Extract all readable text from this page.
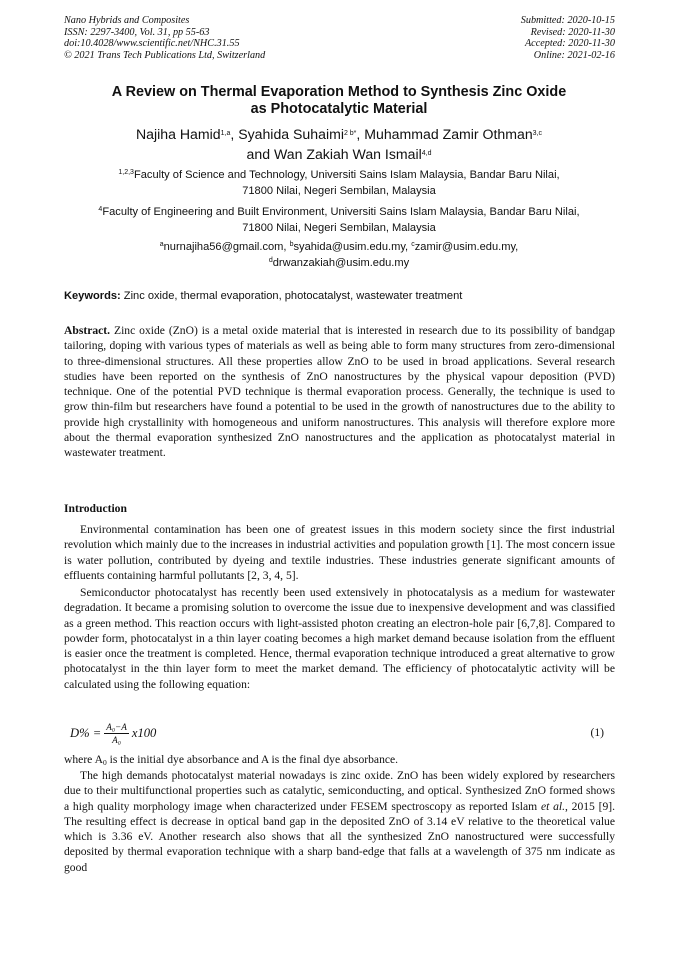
Nano Hybrids and Composites
ISSN: 2297-3400, Vol. 31, pp 55-63
doi:10.4028/www.scientific.net/NHC.31.55
© 2021 Trans Tech Publications Ltd, Switzerland
Submitted: 2020-10-15
Revised: 2020-11-30
Accepted: 2020-11-30
Online: 2021-02-16
A Review on Thermal Evaporation Method to Synthesis Zinc Oxide
as Photocatalytic Material
Najiha Hamid$^{1,a}$, Syahida Suhaimi$^{2 b*}$, Muhammad Zamir Othman$^{3,c}$
and Wan Zakiah Wan Ismail$^{4,d}$
$^{1,2,3}$Faculty of Science and Technology, Universiti Sains Islam Malaysia, Bandar Baru Nilai,
71800 Nilai, Negeri Sembilan, Malaysia
$^4$Faculty of Engineering and Built Environment, Universiti Sains Islam Malaysia, Bandar Baru Nilai,
71800 Nilai, Negeri Sembilan, Malaysia
$^a$nurnajiha56@gmail.com, $^b$syahida@usim.edu.my, $^c$zamir@usim.edu.my,
$^d$drwanzakiah@usim.edu.my
Keywords: Zinc oxide, thermal evaporation, photocatalyst, wastewater treatment
Abstract. Zinc oxide (ZnO) is a metal oxide material that is interested in research due to its possibility of bandgap tailoring, doping with various types of materials as well as being able to form many structures from zero-dimensional to three-dimensional structures. All these properties allow ZnO to be used in broad applications. Several research studies have been reported on the synthesis of ZnO nanostructures by the physical vapour deposition (PVD) technique. One of the potential PVD technique is thermal evaporation process. Generally, the technique is used to grow thin-film but researchers have found a potential to be used in the growth of nanostructures due to the ability to provide high crystallinity with homogeneous and uniform nanostructures. This analysis will therefore explore more about the thermal evaporation synthesized ZnO nanostructures and the application as photocatalyst material in wastewater treatment.
Introduction
Environmental contamination has been one of greatest issues in this modern society since the first industrial revolution which mainly due to the increases in industrial activities and population growth [1]. The most concern issue is water pollution, contributed by dyeing and textile industries. These industries generate significant amounts of effluents containing harmful pollutants [2, 3, 4, 5].
Semiconductor photocatalyst has recently been used extensively in photocatalysis as a medium for wastewater degradation. It became a promising solution to overcome the issue due to inexpensive development and was classified as a green method. This reaction occurs with light-assisted photon creating an electron-hole pair [6,7,8]. Compared to powder form, photocatalyst in a thin layer coating becomes a high market demand because isolation from the effluent is easier once the treatment is completed. Hence, thermal evaporation technique introduced a great alternative to grow photocatalyst in the thin layer form to meet the market demand. The efficiency of photocatalytic activity will be calculated using the following equation:
$D\% = \frac{\text{A₀−A}}{\text{A₀}} x100$	(1)
where $A_0$ is the initial dye absorbance and A is the final dye absorbance.
The high demands photocatalyst material nowadays is zinc oxide. ZnO has been widely explored by researchers due to their multifunctional properties such as catalytic, semiconducting, and optical. Synthesized ZnO formed shows a high quality morphology image when characterized under FESEM spectroscopy as reported Islam et al., 2015 [9]. The resulting effect is decrease in optical band gap in the deposited ZnO of 3.14 eV relative to the theoretical value which is 3.36 eV. Another research also shows that all the synthesized ZnO nanostructured were successfully deposited by thermal evaporation technique with a sharp band-edge that falls at a wavelength of 375 nm indicate as good
